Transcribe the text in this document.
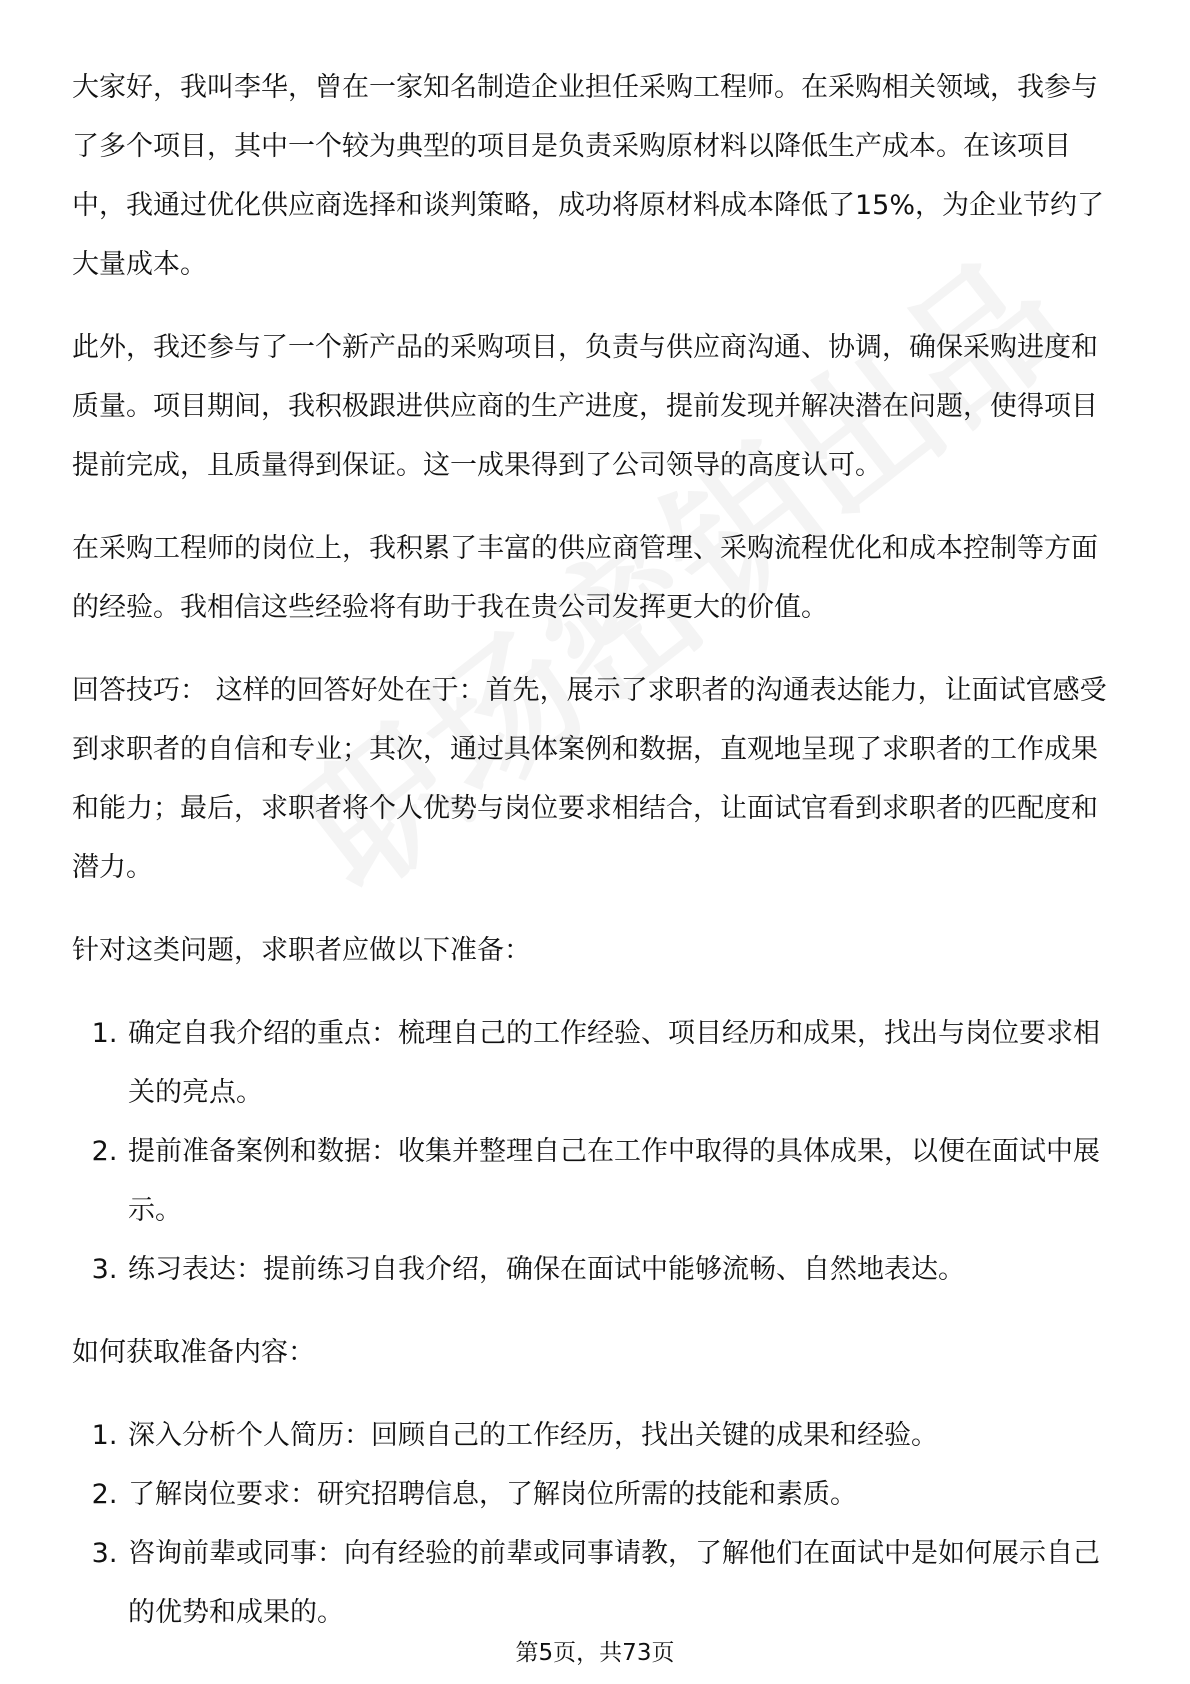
大家好，我叫李华，曾在一家知名制造企业担任采购工程师。在采购相关领域，我参与了多个项目，其中一个较为典型的项目是负责采购原材料以降低生产成本。在该项目中，我通过优化供应商选择和谈判策略，成功将原材料成本降低了15%，为企业节约了大量成本。

此外，我还参与了一个新产品的采购项目，负责与供应商沟通、协调，确保采购进度和质量。项目期间，我积极跟进供应商的生产进度，提前发现并解决潜在问题，使得项目提前完成，且质量得到保证。这一成果得到了公司领导的高度认可。

在采购工程师的岗位上，我积累了丰富的供应商管理、采购流程优化和成本控制等方面的经验。我相信这些经验将有助于我在贵公司发挥更大的价值。

回答技巧： 这样的回答好处在于：首先，展示了求职者的沟通表达能力，让面试官感受到求职者的自信和专业；其次，通过具体案例和数据，直观地呈现了求职者的工作成果和能力；最后，求职者将个人优势与岗位要求相结合，让面试官看到求职者的匹配度和潜力。

针对这类问题，求职者应做以下准备：

1. 确定自我介绍的重点：梳理自己的工作经验、项目经历和成果，找出与岗位要求相关的亮点。
2. 提前准备案例和数据：收集并整理自己在工作中取得的具体成果，以便在面试中展示。
3. 练习表达：提前练习自我介绍，确保在面试中能够流畅、自然地表达。

如何获取准备内容：

1. 深入分析个人简历：回顾自己的工作经历，找出关键的成果和经验。
2. 了解岗位要求：研究招聘信息，了解岗位所需的技能和素质。
3. 咨询前辈或同事：向有经验的前辈或同事请教，了解他们在面试中是如何展示自己的优势和成果的。
第5页，共73页
